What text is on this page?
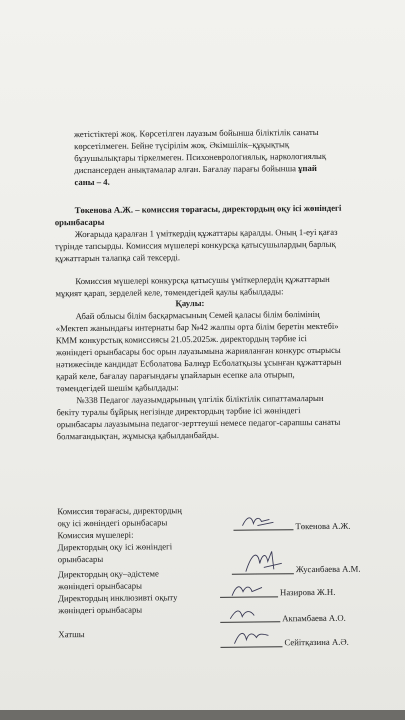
жетістіктері жоқ. Көрсетілген лауазым бойынша біліктілік санаты
көрсетілмеген. Бейне түсірілім жоқ. Әкімшілік–құқықтық
бұзушылықтары тіркелмеген. Психоневрологиялық, наркологиялық
диспансерден анықтамалар алған. Бағалау парағы бойынша ұпай
саны – 4.
Төкенова А.Ж. – комиссия төрағасы, директордың оқу ісі жөніндегі
орынбасары
Жоғарыда қаралған 1 үміткердің құжаттары қаралды. Оның 1-еуі қағаз
түрінде тапсырды. Комиссия мүшелері конкурсқа қатысушылардың барлық
құжаттарын талапқа сай тексерді.
Комиссия мүшелері конкурсқа қатысушы үміткерлердің құжаттарын
мұқият қарап, зерделей келе, төмендегідей қаулы қабылдады:
Қаулы:
Абай облысы білім басқармасының Семей қаласы білім бөлімінің
«Мектеп жанындағы интернаты бар №42 жалпы орта білім беретін мектебі»
КММ конкурстық комиссиясы 21.05.2025ж. директордың тәрбие ісі
жөніндегі орынбасары бос орын лауазымына жарияланған конкурс отырысы
нәтижесінде кандидат Есболатова Балнұр Есболатқызы ұсынған құжаттарын
қарай келе, бағалау парағындағы ұпайларын есепке ала отырып,
төмендегідей шешім қабылдады:
№338 Педагог лауазымдарының үлгілік біліктілік сипаттамаларын
бекіту туралы бұйрық негізінде директордың тәрбие ісі жөніндегі
орынбасары лауазымына педагог-зерттеуші немесе педагог-сарапшы санаты
болмағандықтан, жұмысқа қабылданбайды.
Комиссия төрағасы, директордың
оқу ісі жөніндегі орынбасары	Төкенова А.Ж.
Комиссия мүшелері:
Директордың оқу ісі жөніндегі
орынбасары
Жусанбаева А.М.
Директордың оқу–әдістеме
жөніндегі орынбасары
Назирова Ж.Н.
Директордың инклюзивті оқыту
жөніндегі орынбасары
Акпамбаева А.О.
Хатшы
Сейітқазина А.Ә.
